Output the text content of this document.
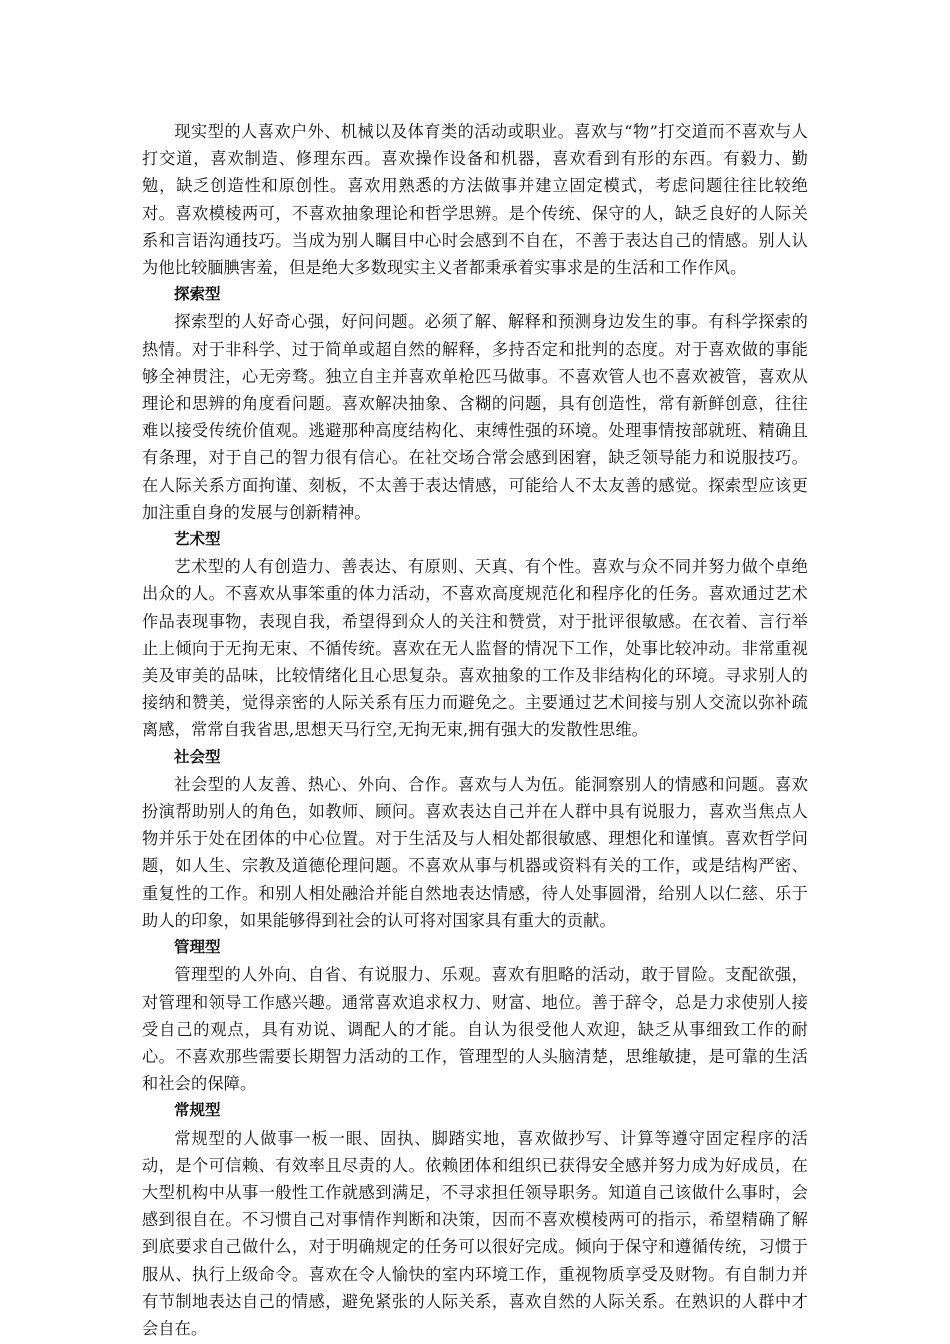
现实型的人喜欢户外、机械以及体育类的活动或职业。喜欢与“物”打交道而不喜欢与人打交道，喜欢制造、修理东西。喜欢操作设备和机器，喜欢看到有形的东西。有毅力、勤勉，缺乏创造性和原创性。喜欢用熟悉的方法做事并建立固定模式，考虑问题往往比较绝对。喜欢模棱两可，不喜欢抽象理论和哲学思辨。是个传统、保守的人，缺乏良好的人际关系和言语沟通技巧。当成为别人瞩目中心时会感到不自在，不善于表达自己的情感。别人认为他比较腼腆害羞，但是绝大多数现实主义者都秉承着实事求是的生活和工作作风。

探索型

探索型的人好奇心强，好问问题。必须了解、解释和预测身边发生的事。有科学探索的热情。对于非科学、过于简单或超自然的解释，多持否定和批判的态度。对于喜欢做的事能够全神贯注，心无旁骛。独立自主并喜欢单枪匹马做事。不喜欢管人也不喜欢被管，喜欢从理论和思辨的角度看问题。喜欢解决抽象、含糊的问题，具有创造性，常有新鲜创意，往往难以接受传统价值观。逃避那种高度结构化、束缚性强的环境。处理事情按部就班、精确且有条理，对于自己的智力很有信心。在社交场合常会感到困窘，缺乏领导能力和说服技巧。在人际关系方面拘谨、刻板，不太善于表达情感，可能给人不太友善的感觉。探索型应该更加注重自身的发展与创新精神。

艺术型

艺术型的人有创造力、善表达、有原则、天真、有个性。喜欢与众不同并努力做个卓绝出众的人。不喜欢从事笨重的体力活动，不喜欢高度规范化和程序化的任务。喜欢通过艺术作品表现事物，表现自我，希望得到众人的关注和赞赏，对于批评很敏感。在衣着、言行举止上倾向于无拘无束、不循传统。喜欢在无人监督的情况下工作，处事比较冲动。非常重视美及审美的品味，比较情绪化且心思复杂。喜欢抽象的工作及非结构化的环境。寻求别人的接纳和赞美，觉得亲密的人际关系有压力而避免之。主要通过艺术间接与别人交流以弥补疏离感，常常自我省思,思想天马行空,无拘无束,拥有强大的发散性思维。

社会型

社会型的人友善、热心、外向、合作。喜欢与人为伍。能洞察别人的情感和问题。喜欢扮演帮助别人的角色，如教师、顾问。喜欢表达自己并在人群中具有说服力，喜欢当焦点人物并乐于处在团体的中心位置。对于生活及与人相处都很敏感、理想化和谨慎。喜欢哲学问题，如人生、宗教及道德伦理问题。不喜欢从事与机器或资料有关的工作，或是结构严密、重复性的工作。和别人相处融洽并能自然地表达情感，待人处事圆滑，给别人以仁慈、乐于助人的印象，如果能够得到社会的认可将对国家具有重大的贡献。

管理型

管理型的人外向、自省、有说服力、乐观。喜欢有胆略的活动，敢于冒险。支配欲强，对管理和领导工作感兴趣。通常喜欢追求权力、财富、地位。善于辞令，总是力求使别人接受自己的观点，具有劝说、调配人的才能。自认为很受他人欢迎，缺乏从事细致工作的耐心。不喜欢那些需要长期智力活动的工作，管理型的人头脑清楚，思维敏捷，是可靠的生活和社会的保障。

常规型

常规型的人做事一板一眼、固执、脚踏实地，喜欢做抄写、计算等遵守固定程序的活动，是个可信赖、有效率且尽责的人。依赖团体和组织已获得安全感并努力成为好成员，在大型机构中从事一般性工作就感到满足，不寻求担任领导职务。知道自己该做什么事时，会感到很自在。不习惯自己对事情作判断和决策，因而不喜欢模棱两可的指示，希望精确了解到底要求自己做什么，对于明确规定的任务可以很好完成。倾向于保守和遵循传统，习惯于服从、执行上级命令。喜欢在令人愉快的室内环境工作，重视物质享受及财物。有自制力并有节制地表达自己的情感，避免紧张的人际关系，喜欢自然的人际关系。在熟识的人群中才会自在。
